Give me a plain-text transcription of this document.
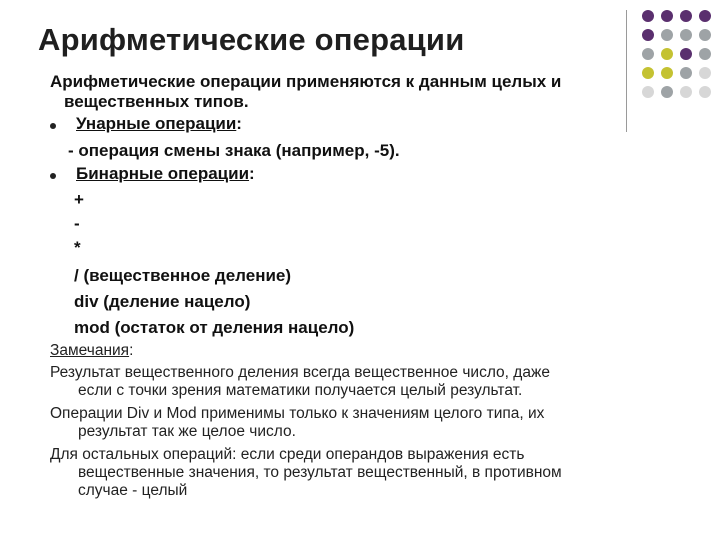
Арифметические операции
Арифметические операции применяются к данным целых и
вещественных типов.
Унарные операции:
- операция смены знака (например, -5).
Бинарные операции:
+
-
*
/ (вещественное деление)
div (деление нацело)
mod (остаток от деления нацело)
Замечания:
Результат вещественного деления всегда вещественное число, даже
если с точки зрения математики получается целый результат.
Операции Div и Mod применимы только к значениям целого типа, их
результат так же целое число.
Для остальных операций: если среди операндов выражения есть
вещественные значения, то результат вещественный, в противном
случае - целый
